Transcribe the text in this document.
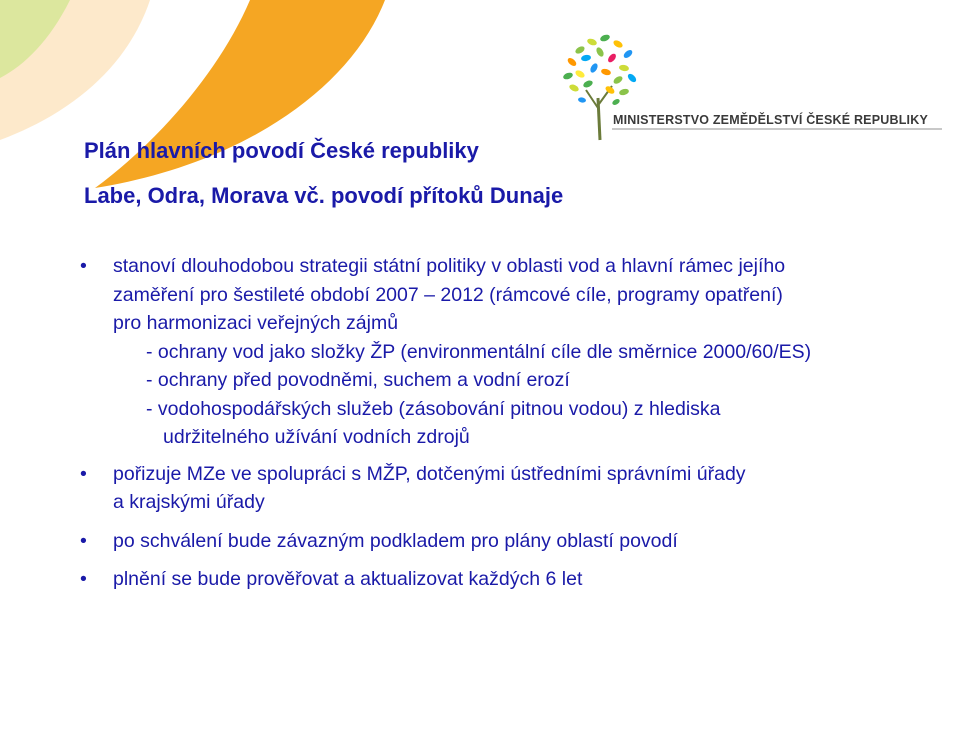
MINISTERSTVO ZEMĚDĚLSTVÍ ČESKÉ REPUBLIKY
Plán hlavních povodí České republiky
Labe, Odra, Morava vč. povodí přítoků Dunaje
•	stanoví dlouhodobou strategii státní politiky v oblasti vod a hlavní rámec jejího
zaměření pro šestileté období 2007 – 2012 (rámcové cíle, programy opatření)
pro harmonizaci veřejných zájmů
- ochrany vod jako složky ŽP (environmentální cíle dle směrnice 2000/60/ES)
- ochrany před povodněmi, suchem a vodní erozí
- vodohospodářských služeb (zásobování pitnou vodou) z hlediska
udržitelného užívání vodních zdrojů
•	pořizuje MZe ve spolupráci s MŽP, dotčenými ústředními správními úřady
a krajskými úřady
•	po schválení bude závazným podkladem pro plány oblastí povodí
•	plnění se bude prověřovat a aktualizovat každých 6 let
